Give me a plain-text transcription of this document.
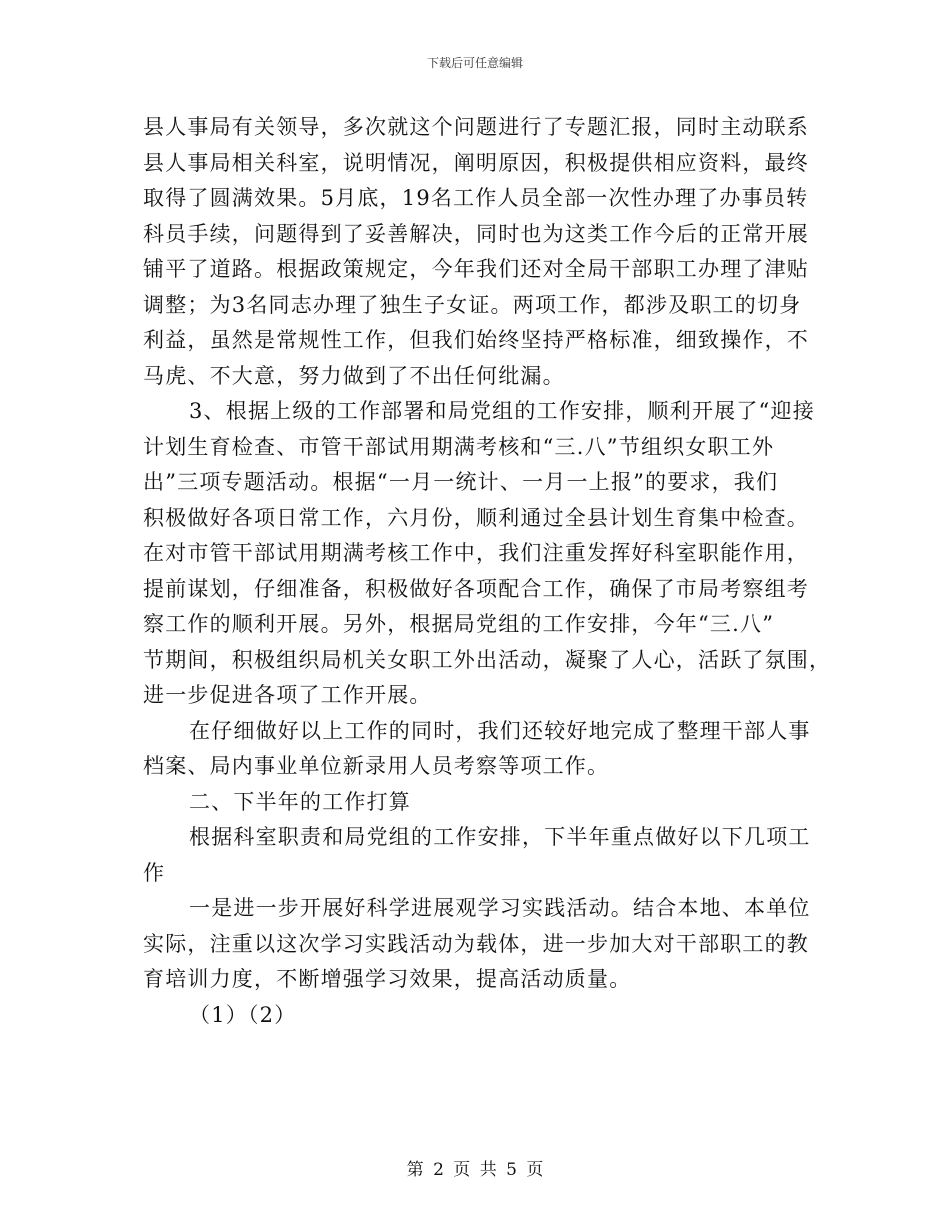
下载后可任意编辑
县人事局有关领导，多次就这个问题进行了专题汇报，同时主动联系
县人事局相关科室，说明情况，阐明原因，积极提供相应资料，最终
取得了圆满效果。5月底，19名工作人员全部一次性办理了办事员转
科员手续，问题得到了妥善解决，同时也为这类工作今后的正常开展
铺平了道路。根据政策规定，今年我们还对全局干部职工办理了津贴
调整；为3名同志办理了独生子女证。两项工作，都涉及职工的切身
利益，虽然是常规性工作，但我们始终坚持严格标准，细致操作，不
马虎、不大意，努力做到了不出任何纰漏。
3、根据上级的工作部署和局党组的工作安排，顺利开展了“迎接
计划生育检查、市管干部试用期满考核和“三.八”节组织女职工外
出”三项专题活动。根据“一月一统计、一月一上报”的要求，我们
积极做好各项日常工作，六月份，顺利通过全县计划生育集中检查。
在对市管干部试用期满考核工作中，我们注重发挥好科室职能作用，
提前谋划，仔细准备，积极做好各项配合工作，确保了市局考察组考
察工作的顺利开展。另外，根据局党组的工作安排，今年“三.八”
节期间，积极组织局机关女职工外出活动，凝聚了人心，活跃了氛围，
进一步促进各项了工作开展。
在仔细做好以上工作的同时，我们还较好地完成了整理干部人事
档案、局内事业单位新录用人员考察等项工作。
二、下半年的工作打算
根据科室职责和局党组的工作安排，下半年重点做好以下几项工
作
一是进一步开展好科学进展观学习实践活动。结合本地、本单位
实际，注重以这次学习实践活动为载体，进一步加大对干部职工的教
育培训力度，不断增强学习效果，提高活动质量。
（1）（2）
第 2 页 共 5 页
